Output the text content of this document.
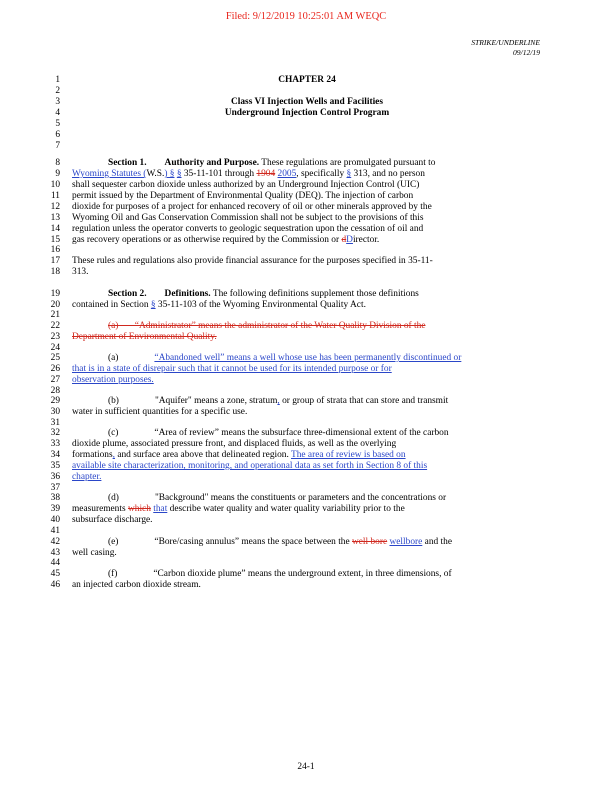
Filed: 9/12/2019 10:25:01 AM WEQC
STRIKE/UNDERLINE
09/12/19
1
2
3
4
5
6
7
8
9
10
11
12
13
14
15
16
17
18
19
20
21
22
23
24
25
26
27
28
29
30
31
32
33
34
35
36
37
38
39
40
41
42
43
44
45
46
CHAPTER 24
Class VI Injection Wells and Facilities
Underground Injection Control Program
Section 1. Authority and Purpose. These regulations are promulgated pursuant to
Wyoming Statutes (W.S.) § § 35-11-101 through 1904 2005, specifically § 313, and no person
shall sequester carbon dioxide unless authorized by an Underground Injection Control (UIC)
permit issued by the Department of Environmental Quality (DEQ). The injection of carbon
dioxide for purposes of a project for enhanced recovery of oil or other minerals approved by the
Wyoming Oil and Gas Conservation Commission shall not be subject to the provisions of this
regulation unless the operator converts to geologic sequestration upon the cessation of oil and
gas recovery operations or as otherwise required by the Commission or dDirector.
These rules and regulations also provide financial assurance for the purposes specified in 35-11-
313.
Section 2. Definitions. The following definitions supplement those definitions
contained in Section § 35-11-103 of the Wyoming Environmental Quality Act.
(a)       “Administrator” means the administrator of the Water Quality Division of the
Department of Environmental Quality.
(a)	“Abandoned well” means a well whose use has been permanently discontinued or
that is in a state of disrepair such that it cannot be used for its intended purpose or for
observation purposes.
(b)	"Aquifer" means a zone, stratum, or group of strata that can store and transmit
water in sufficient quantities for a specific use.
(c)	“Area of review” means the subsurface three-dimensional extent of the carbon
dioxide plume, associated pressure front, and displaced fluids, as well as the overlying
formations, and surface area above that delineated region. The area of review is based on
available site characterization, monitoring, and operational data as set forth in Section 8 of this
chapter.
(d)	"Background" means the constituents or parameters and the concentrations or
measurements which that describe water quality and water quality variability prior to the
subsurface discharge.
(e)	“Bore/casing annulus” means the space between the well bore wellbore and the
well casing.
(f)	“Carbon dioxide plume” means the underground extent, in three dimensions, of
an injected carbon dioxide stream.
24-1
